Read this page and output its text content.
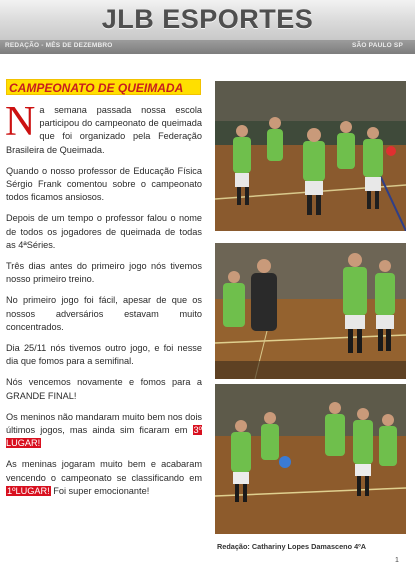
JLB ESPORTES
REDAÇÃO - MÊS DE DEZEMBRO	SÃO PAULO SP
CAMPEONATO DE QUEIMADA

Na semana passada nossa escola participou do campeonato de queimada que foi organizado pela Federação Brasileira de Queimada.

Quando o nosso professor de Educação Física Sérgio Frank comentou sobre o campeonato todos ficamos ansiosos.

Depois de um tempo o professor falou o nome de todos os jogadores de queimada de todas as 4ªSéries.

Três dias antes do primeiro jogo nós tivemos nosso primeiro treino.

No primeiro jogo foi fácil, apesar de que os nossos adversários estavam muito concentrados.

Dia 25/11 nós tivemos outro jogo, e foi nesse dia que fomos para a semifinal.

Nós vencemos novamente e fomos para a GRANDE FINAL!

Os meninos não mandaram muito bem nos dois últimos jogos, mas ainda sim ficaram em 3º LUGAR!

As meninas jogaram muito bem e acabaram vencendo o campeonato se classificando em 1ºLUGAR! Foi super emocionante!

Redação: Cathariny Lopes Damasceno 4ºA
1
